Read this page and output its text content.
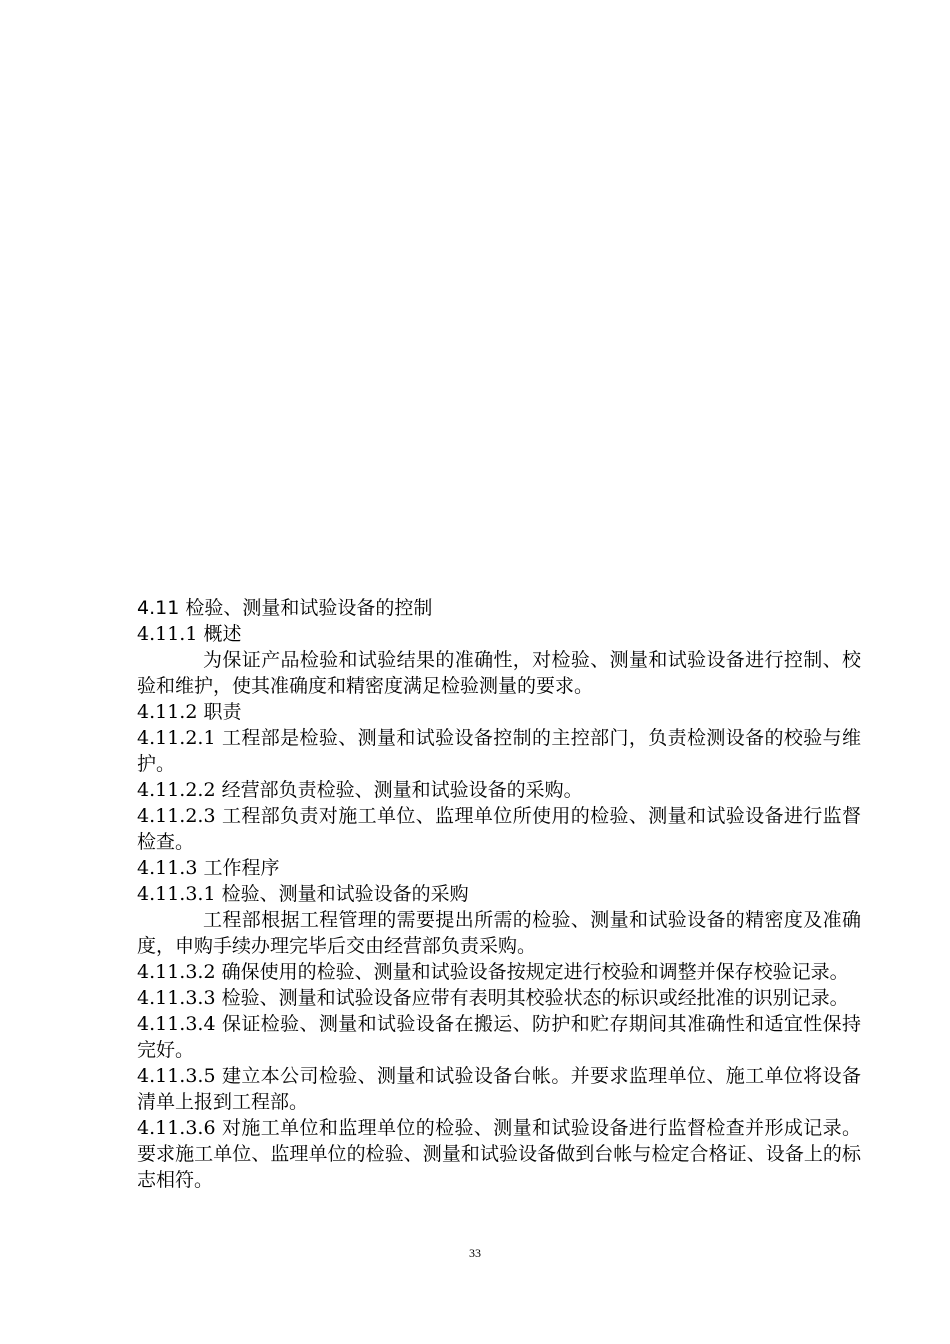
4.11 检验、测量和试验设备的控制

4.11.1 概述

为保证产品检验和试验结果的准确性，对检验、测量和试验设备进行控制、校验和维护，使其准确度和精密度满足检验测量的要求。

4.11.2 职责

4.11.2.1 工程部是检验、测量和试验设备控制的主控部门，负责检测设备的校验与维护。

4.11.2.2 经营部负责检验、测量和试验设备的采购。

4.11.2.3 工程部负责对施工单位、监理单位所使用的检验、测量和试验设备进行监督检查。

4.11.3 工作程序

4.11.3.1 检验、测量和试验设备的采购

工程部根据工程管理的需要提出所需的检验、测量和试验设备的精密度及准确度，申购手续办理完毕后交由经营部负责采购。

4.11.3.2 确保使用的检验、测量和试验设备按规定进行校验和调整并保存校验记录。

4.11.3.3 检验、测量和试验设备应带有表明其校验状态的标识或经批准的识别记录。

4.11.3.4 保证检验、测量和试验设备在搬运、防护和贮存期间其准确性和适宜性保持完好。

4.11.3.5 建立本公司检验、测量和试验设备台帐。并要求监理单位、施工单位将设备清单上报到工程部。

4.11.3.6 对施工单位和监理单位的检验、测量和试验设备进行监督检查并形成记录。要求施工单位、监理单位的检验、测量和试验设备做到台帐与检定合格证、设备上的标志相符。

33
